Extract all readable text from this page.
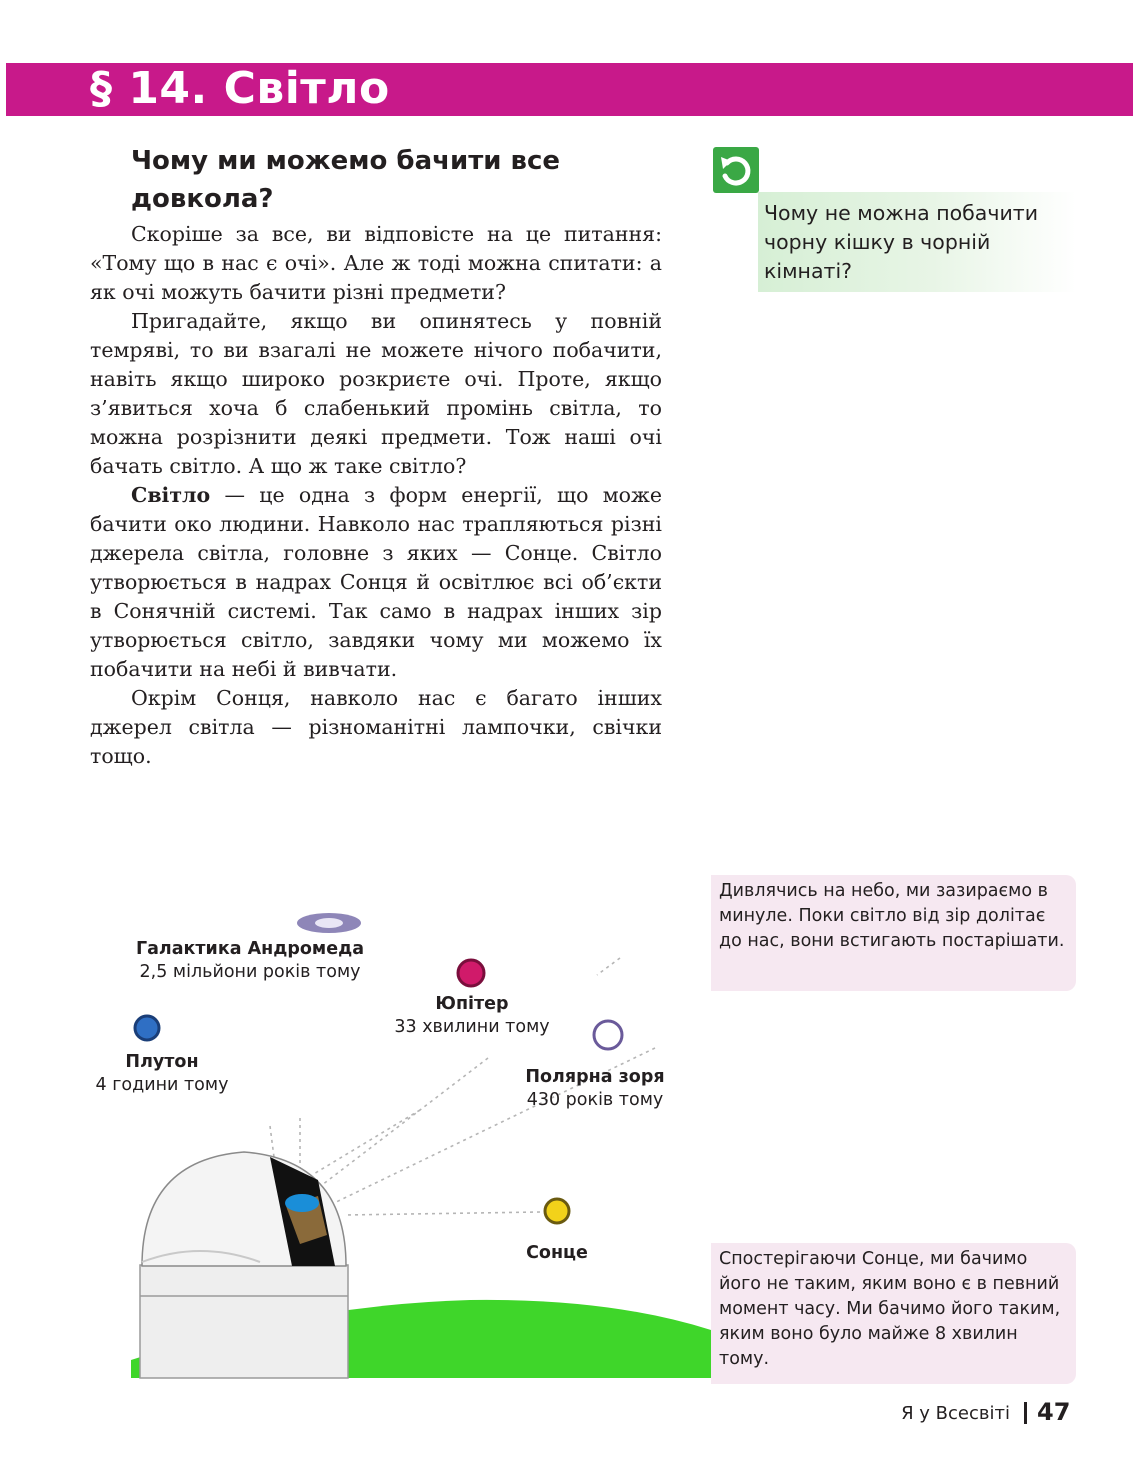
§ 14. Світло
Чому ми можемо бачити все довкола?

Скоріше за все, ви відповісте на це питання: «Тому що в нас є очі». Але ж тоді можна спитати: а як очі можуть бачити різні предмети?

Пригадайте, якщо ви опинятесь у повній темряві, то ви взагалі не можете нічого побачити, навіть якщо широко розкриєте очі. Проте, якщо з’явиться хоча б слабенький промінь світла, то можна розрізнити деякі предмети. Тож наші очі бачать світло. А що ж таке світло?

Світло — це одна з форм енергії, що може бачити око людини. Навколо нас трапляються різні джерела світла, головне з яких — Сонце. Світло утворюється в надрах Сонця й освітлює всі об’єкти в Сонячній системі. Так само в надрах інших зір утворюється світло, завдяки чому ми можемо їх побачити на небі й вивчати.

Окрім Сонця, навколо нас є багато інших джерел світла — різноманітні лампочки, свічки тощо.

Чому не можна побачити чорну кішку в чорній кімнаті?
Дивлячись на небо, ми зазираємо в минуле. Поки світло від зір долітає до нас, вони встигають постарішати.
Спостерігаючи Сонце, ми бачимо його не таким, яким воно є в певний момент часу. Ми бачимо його таким, яким воно було майже 8 хвилин тому.
Галактика Андромеда
2,5 мільйони років тому
Юпітер
33 хвилини тому
Плутон
4 години тому	Полярна зоря
430 років тому
Сонце
Я у Всесвіті 47
